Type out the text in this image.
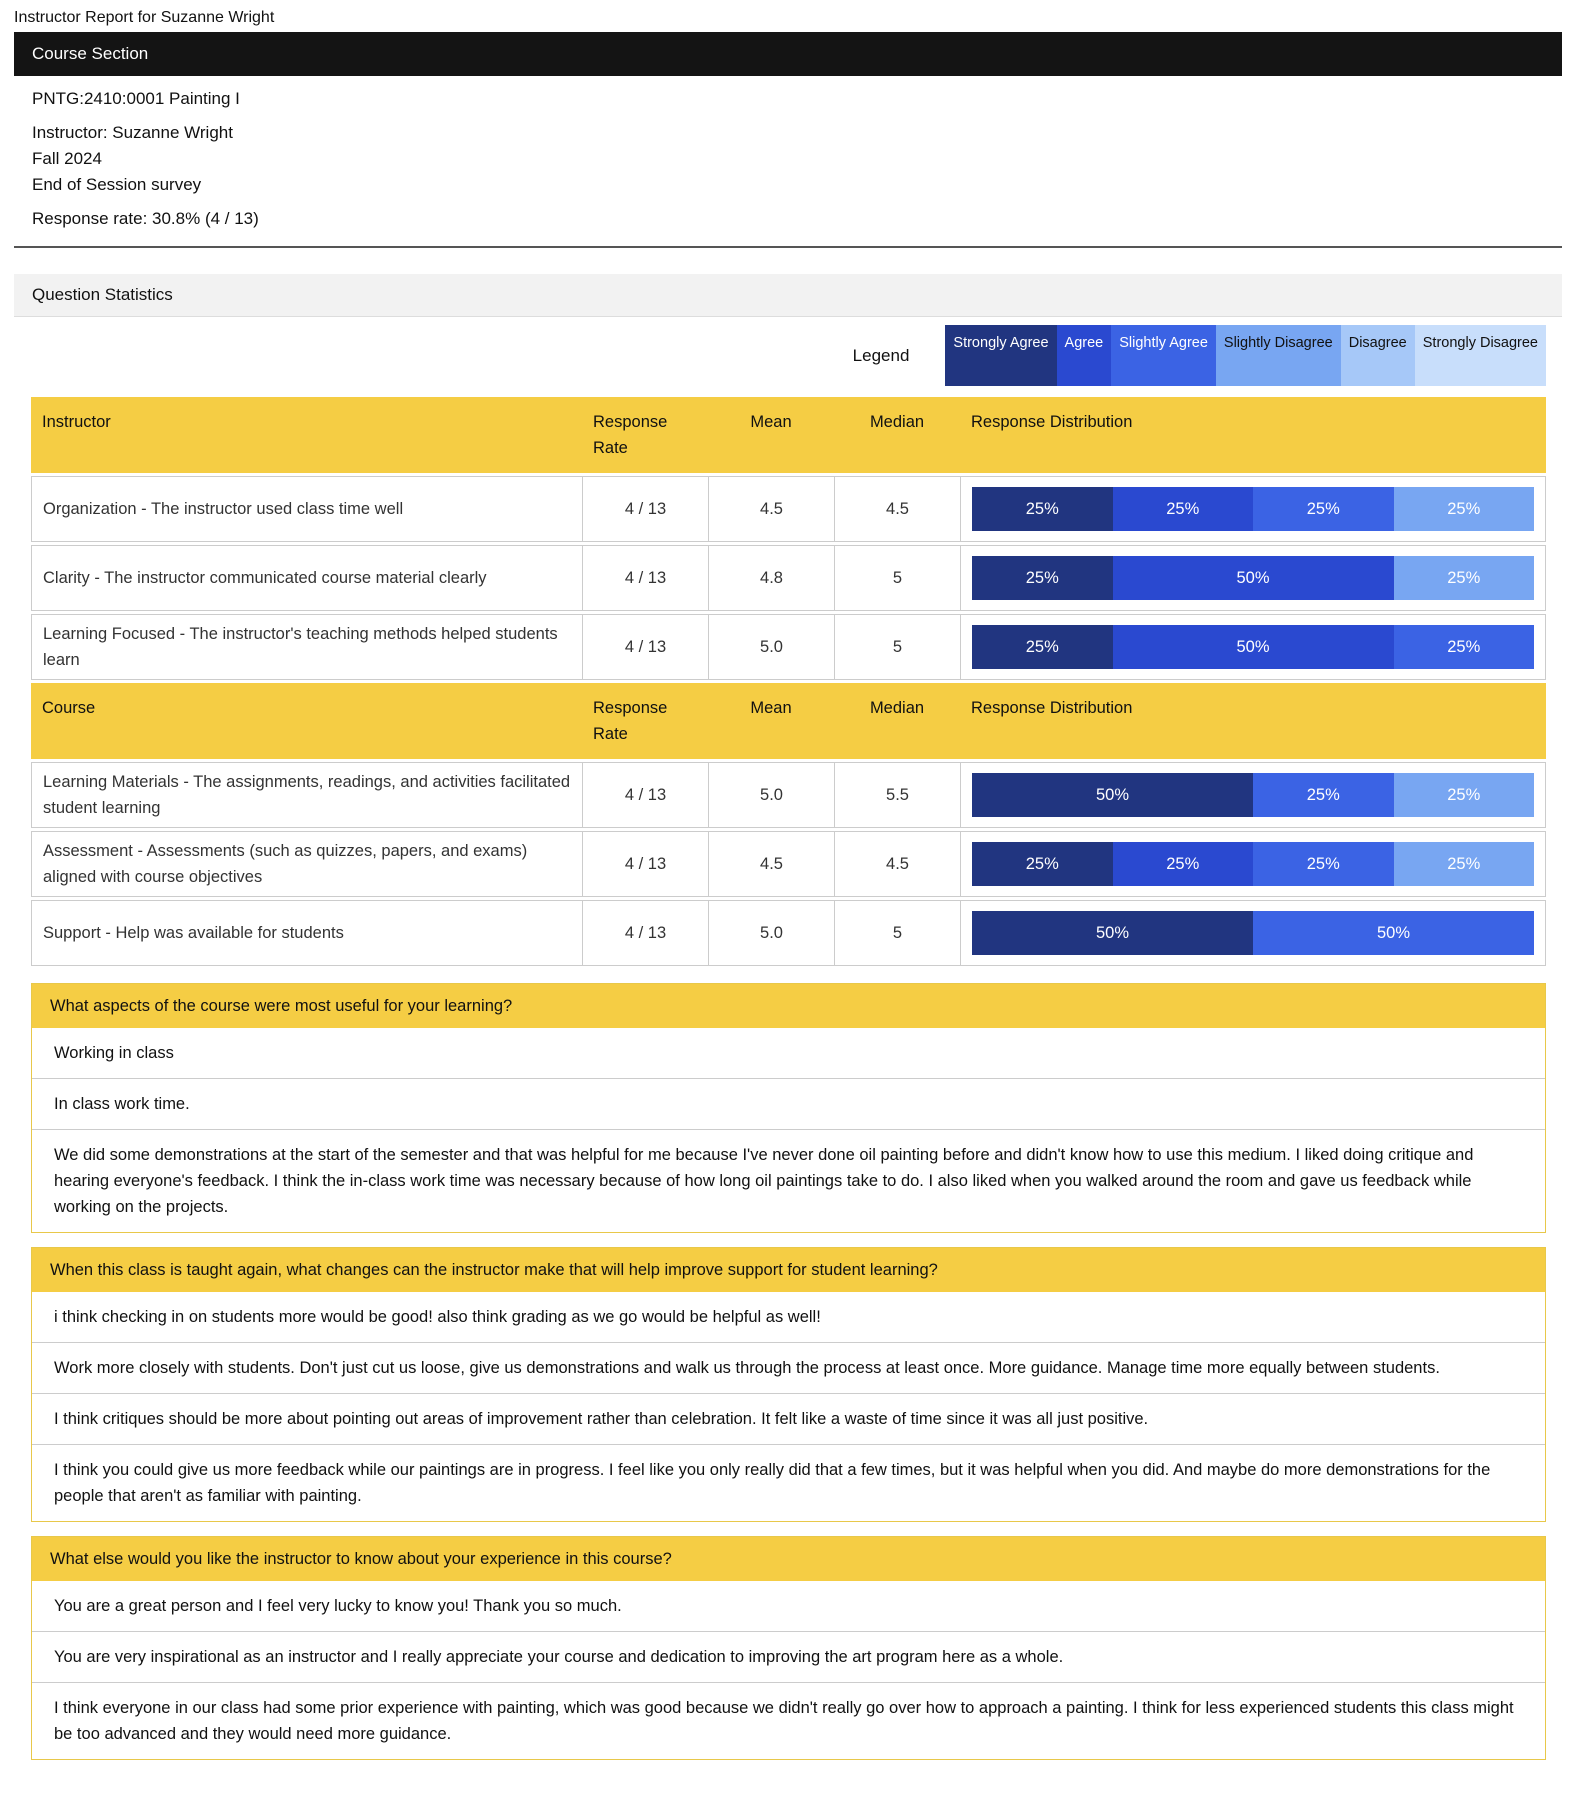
Instructor Report for Suzanne Wright
Course Section
PNTG:2410:0001 Painting I
Instructor: Suzanne Wright
Fall 2024
End of Session survey
Response rate: 30.8% (4 / 13)
Question Statistics
Legend
Strongly Agree	Agree	Slightly Agree	Slightly Disagree	Disagree	Strongly Disagree
Instructor	Response Rate	Mean	Median	Response Distribution
Organization - The instructor used class time well	4 / 13	4.5	4.5	25% 25% 25% 25%

Clarity - The instructor communicated course material clearly	4 / 13	4.8	5	25% 50% 25%

Learning Focused - The instructor's teaching methods helped students learn	4 / 13	5.0	5	25% 50% 25%

Course	Response Rate	Mean	Median	Response Distribution
Learning Materials - The assignments, readings, and activities facilitated student learning	4 / 13	5.0	5.5	50% 25% 25%

Assessment - Assessments (such as quizzes, papers, and exams) aligned with course objectives	4 / 13	4.5	4.5	25% 25% 25% 25%

Support - Help was available for students	4 / 13	5.0	5	50% 50%
What aspects of the course were most useful for your learning?
Working in class
In class work time.
We did some demonstrations at the start of the semester and that was helpful for me because I've never done oil painting before and didn't know how to use this medium. I liked doing critique and hearing everyone's feedback. I think the in-class work time was necessary because of how long oil paintings take to do. I also liked when you walked around the room and gave us feedback while working on the projects.
When this class is taught again, what changes can the instructor make that will help improve support for student learning?
i think checking in on students more would be good! also think grading as we go would be helpful as well!
Work more closely with students. Don't just cut us loose, give us demonstrations and walk us through the process at least once. More guidance. Manage time more equally between students.
I think critiques should be more about pointing out areas of improvement rather than celebration. It felt like a waste of time since it was all just positive.
I think you could give us more feedback while our paintings are in progress. I feel like you only really did that a few times, but it was helpful when you did. And maybe do more demonstrations for the people that aren't as familiar with painting.
What else would you like the instructor to know about your experience in this course?
You are a great person and I feel very lucky to know you! Thank you so much.
You are very inspirational as an instructor and I really appreciate your course and dedication to improving the art program here as a whole.
I think everyone in our class had some prior experience with painting, which was good because we didn't really go over how to approach a painting. I think for less experienced students this class might be too advanced and they would need more guidance.
